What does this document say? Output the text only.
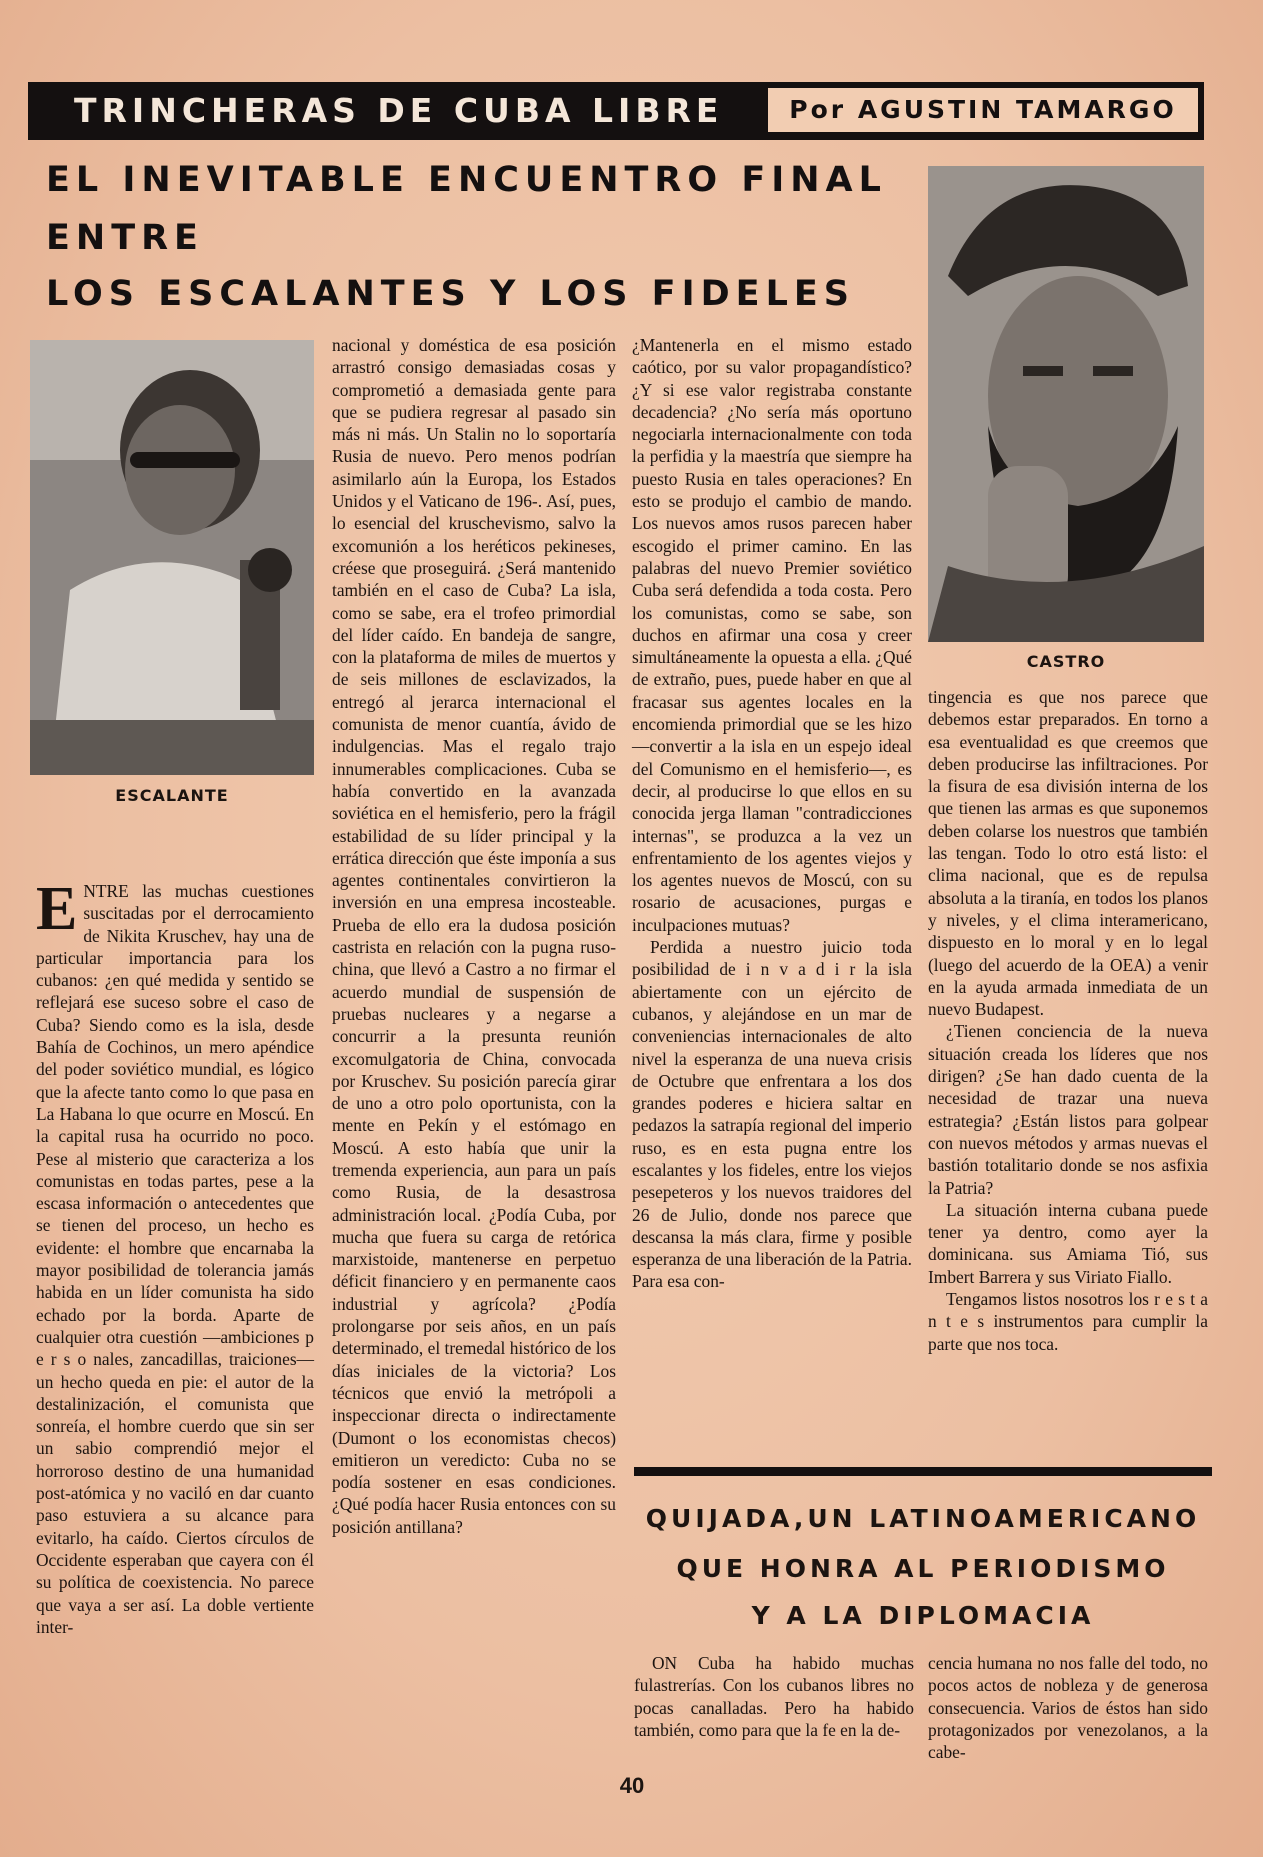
TRINCHERAS DE CUBA LIBRE	Por AGUSTIN TAMARGO
EL INEVITABLE ENCUENTRO FINAL
ENTRE
LOS ESCALANTES Y LOS FIDELES
ESCALANTE
CASTRO

ENTRE las muchas cuestiones suscitadas por el derrocamiento de Nikita Kruschev, hay una de particular importancia para los cubanos: ¿en qué medida y sentido se reflejará ese suceso sobre el caso de Cuba? Siendo como es la isla, desde Bahía de Cochinos, un mero apéndice del poder soviético mundial, es lógico que la afecte tanto como lo que pasa en La Habana lo que ocurre en Moscú. En la capital rusa ha ocurrido no poco. Pese al misterio que caracteriza a los comunistas en todas partes, pese a la escasa información o antecedentes que se tienen del proceso, un hecho es evidente: el hombre que encarnaba la mayor posibilidad de tolerancia jamás habida en un líder comunista ha sido echado por la borda. Aparte de cualquier otra cuestión —ambiciones p e r s o nales, zancadillas, traiciones— un hecho queda en pie: el autor de la destalinización, el comunista que sonreía, el hombre cuerdo que sin ser un sabio comprendió mejor el horroroso destino de una humanidad post-atómica y no vaciló en dar cuanto paso estuviera a su alcance para evitarlo, ha caído. Ciertos círculos de Occidente esperaban que cayera con él su política de coexistencia. No parece que vaya a ser así. La doble vertiente inter-

nacional y doméstica de esa posición arrastró consigo demasiadas cosas y comprometió a demasiada gente para que se pudiera regresar al pasado sin más ni más. Un Stalin no lo soportaría Rusia de nuevo. Pero menos podrían asimilarlo aún la Europa, los Estados Unidos y el Vaticano de 196-. Así, pues, lo esencial del kruschevismo, salvo la excomunión a los heréticos pekineses, créese que proseguirá. ¿Será mantenido también en el caso de Cuba? La isla, como se sabe, era el trofeo primordial del líder caído. En bandeja de sangre, con la plataforma de miles de muertos y de seis millones de esclavizados, la entregó al jerarca internacional el comunista de menor cuantía, ávido de indulgencias. Mas el regalo trajo innumerables complicaciones. Cuba se había convertido en la avanzada soviética en el hemisferio, pero la frágil estabilidad de su líder principal y la errática dirección que éste imponía a sus agentes continentales convirtieron la inversión en una empresa incosteable. Prueba de ello era la dudosa posición castrista en relación con la pugna ruso-china, que llevó a Castro a no firmar el acuerdo mundial de suspensión de pruebas nucleares y a negarse a concurrir a la presunta reunión excomulgatoria de China, convocada por Kruschev. Su posición parecía girar de uno a otro polo oportunista, con la mente en Pekín y el estómago en Moscú. A esto había que unir la tremenda experiencia, aun para un país como Rusia, de la desastrosa administración local. ¿Podía Cuba, por mucha que fuera su carga de retórica marxistoide, mantenerse en perpetuo déficit financiero y en permanente caos industrial y agrícola? ¿Podía prolongarse por seis años, en un país determinado, el tremedal histórico de los días iniciales de la victoria? Los técnicos que envió la metrópoli a inspeccionar directa o indirectamente (Dumont o los economistas checos) emitieron un veredicto: Cuba no se podía sostener en esas condiciones. ¿Qué podía hacer Rusia entonces con su posición antillana?

¿Mantenerla en el mismo estado caótico, por su valor propagandístico? ¿Y si ese valor registraba constante decadencia? ¿No sería más oportuno negociarla internacionalmente con toda la perfidia y la maestría que siempre ha puesto Rusia en tales operaciones? En esto se produjo el cambio de mando. Los nuevos amos rusos parecen haber escogido el primer camino. En las palabras del nuevo Premier soviético Cuba será defendida a toda costa. Pero los comunistas, como se sabe, son duchos en afirmar una cosa y creer simultáneamente la opuesta a ella. ¿Qué de extraño, pues, puede haber en que al fracasar sus agentes locales en la encomienda primordial que se les hizo —convertir a la isla en un espejo ideal del Comunismo en el hemisferio—, es decir, al producirse lo que ellos en su conocida jerga llaman "contradicciones internas", se produzca a la vez un enfrentamiento de los agentes viejos y los agentes nuevos de Moscú, con su rosario de acusaciones, purgas e inculpaciones mutuas?

Perdida a nuestro juicio toda posibilidad de i n v a d i r la isla abiertamente con un ejército de cubanos, y alejándose en un mar de conveniencias internacionales de alto nivel la esperanza de una nueva crisis de Octubre que enfrentara a los dos grandes poderes e hiciera saltar en pedazos la satrapía regional del imperio ruso, es en esta pugna entre los escalantes y los fideles, entre los viejos pesepeteros y los nuevos traidores del 26 de Julio, donde nos parece que descansa la más clara, firme y posible esperanza de una liberación de la Patria. Para esa con-

tingencia es que nos parece que debemos estar preparados. En torno a esa eventualidad es que creemos que deben producirse las infiltraciones. Por la fisura de esa división interna de los que tienen las armas es que suponemos deben colarse los nuestros que también las tengan. Todo lo otro está listo: el clima nacional, que es de repulsa absoluta a la tiranía, en todos los planos y niveles, y el clima interamericano, dispuesto en lo moral y en lo legal (luego del acuerdo de la OEA) a venir en la ayuda armada inmediata de un nuevo Budapest.

¿Tienen conciencia de la nueva situación creada los líderes que nos dirigen? ¿Se han dado cuenta de la necesidad de trazar una nueva estrategia? ¿Están listos para golpear con nuevos métodos y armas nuevas el bastión totalitario donde se nos asfixia la Patria?

La situación interna cubana puede tener ya dentro, como ayer la dominicana. sus Amiama Tió, sus Imbert Barrera y sus Viriato Fiallo.

Tengamos listos nosotros los r e s t a n t e s instrumentos para cumplir la parte que nos toca.

QUIJADA,UN LATINOAMERICANO
QUE HONRA AL PERIODISMO
Y A LA DIPLOMACIA

ON Cuba ha habido muchas fulastrerías. Con los cubanos libres no pocas canalladas. Pero ha habido también, como para que la fe en la de-

cencia humana no nos falle del todo, no pocos actos de nobleza y de generosa consecuencia. Varios de éstos han sido protagonizados por venezolanos, a la cabe-

40
